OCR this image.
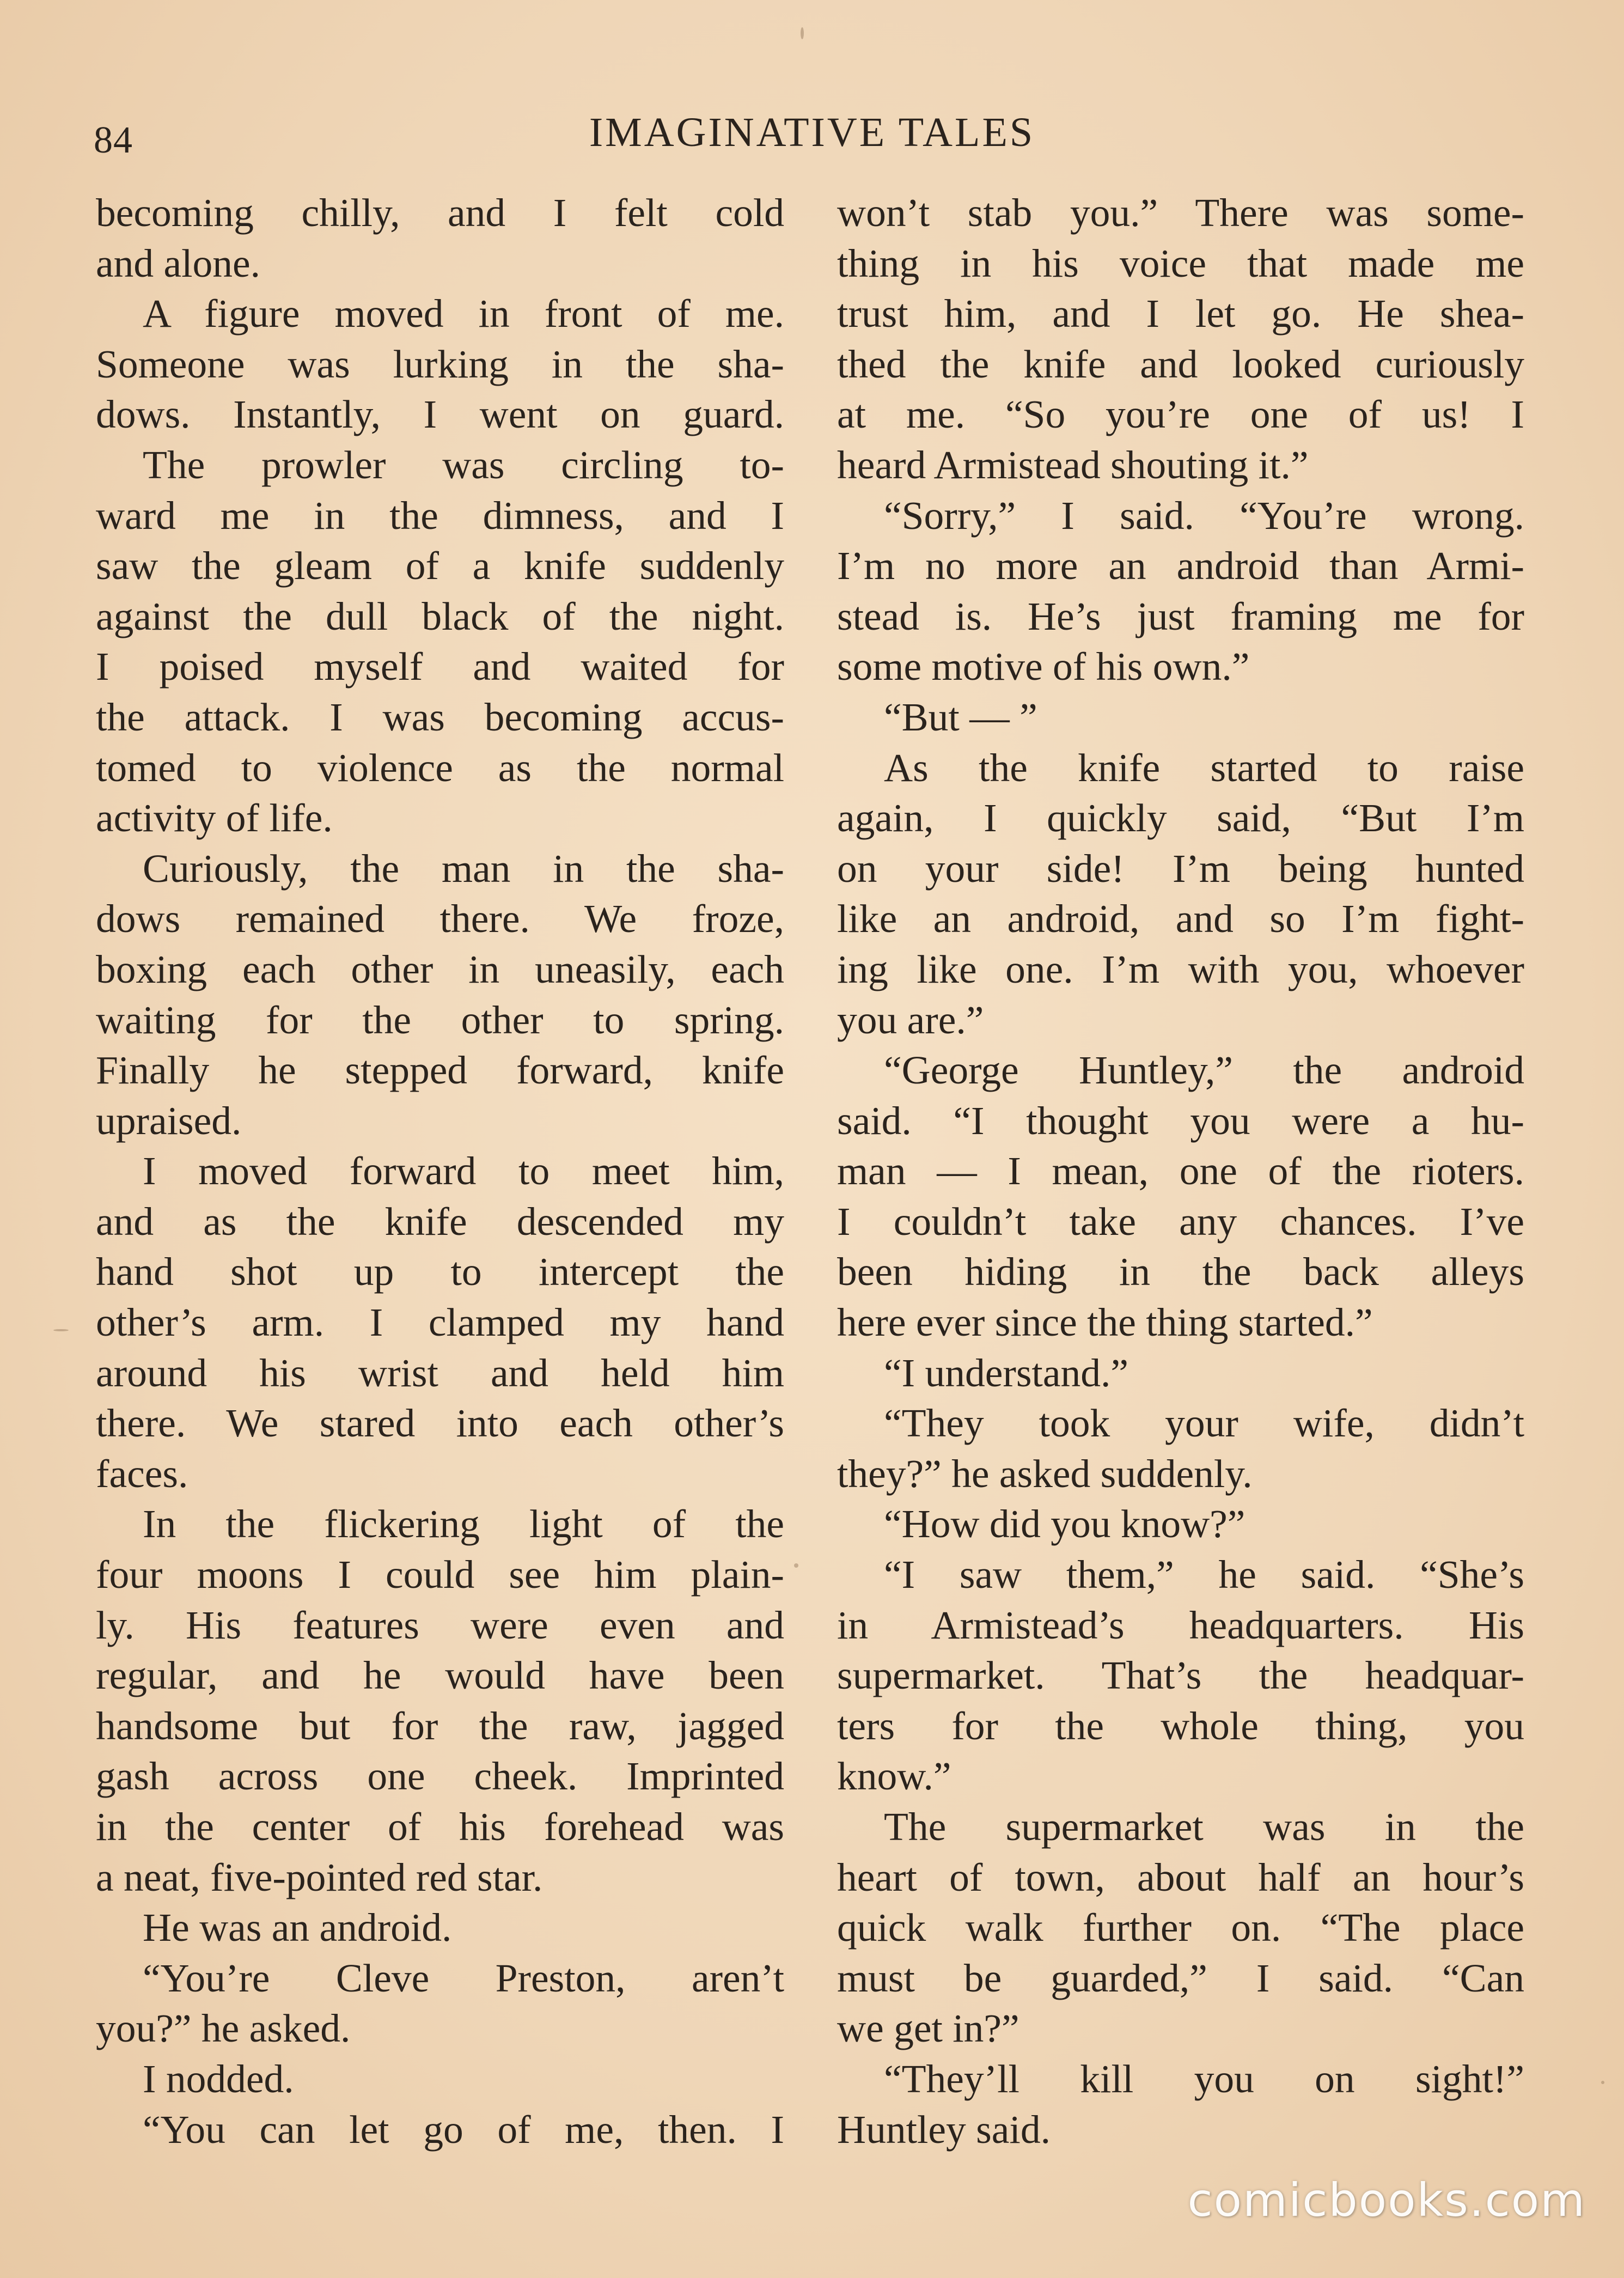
84	IMAGINATIVE TALES
becoming chilly, and I felt cold
and alone.
A figure moved in front of me.
Someone was lurking in the sha-
dows. Instantly, I went on guard.
The prowler was circling to-
ward me in the dimness, and I
saw the gleam of a knife suddenly
against the dull black of the night.
I poised myself and waited for
the attack. I was becoming accus-
tomed to violence as the normal
activity of life.
Curiously, the man in the sha-
dows remained there. We froze,
boxing each other in uneasily, each
waiting for the other to spring.
Finally he stepped forward, knife
upraised.
I moved forward to meet him,
and as the knife descended my
hand shot up to intercept the
other’s arm. I clamped my hand
around his wrist and held him
there. We stared into each other’s
faces.
In the flickering light of the
four moons I could see him plain-
ly. His features were even and
regular, and he would have been
handsome but for the raw, jagged
gash across one cheek. Imprinted
in the center of his forehead was
a neat, five-pointed red star.
He was an android.
“You’re Cleve Preston, aren’t
you?” he asked.
I nodded.
“You can let go of me, then. I
won’t stab you.” There was some-
thing in his voice that made me
trust him, and I let go. He shea-
thed the knife and looked curiously
at me. “So you’re one of us! I
heard Armistead shouting it.”
“Sorry,” I said. “You’re wrong.
I’m no more an android than Armi-
stead is. He’s just framing me for
some motive of his own.”
“But — ”
As the knife started to raise
again, I quickly said, “But I’m
on your side! I’m being hunted
like an android, and so I’m fight-
ing like one. I’m with you, whoever
you are.”
“George Huntley,” the android
said. “I thought you were a hu-
man — I mean, one of the rioters.
I couldn’t take any chances. I’ve
been hiding in the back alleys
here ever since the thing started.”
“I understand.”
“They took your wife, didn’t
they?” he asked suddenly.
“How did you know?”
“I saw them,” he said. “She’s
in Armistead’s headquarters. His
supermarket. That’s the headquar-
ters for the whole thing, you
know.”
The supermarket was in the
heart of town, about half an hour’s
quick walk further on. “The place
must be guarded,” I said. “Can
we get in?”
“They’ll kill you on sight!”
Huntley said.
comicbooks.com
